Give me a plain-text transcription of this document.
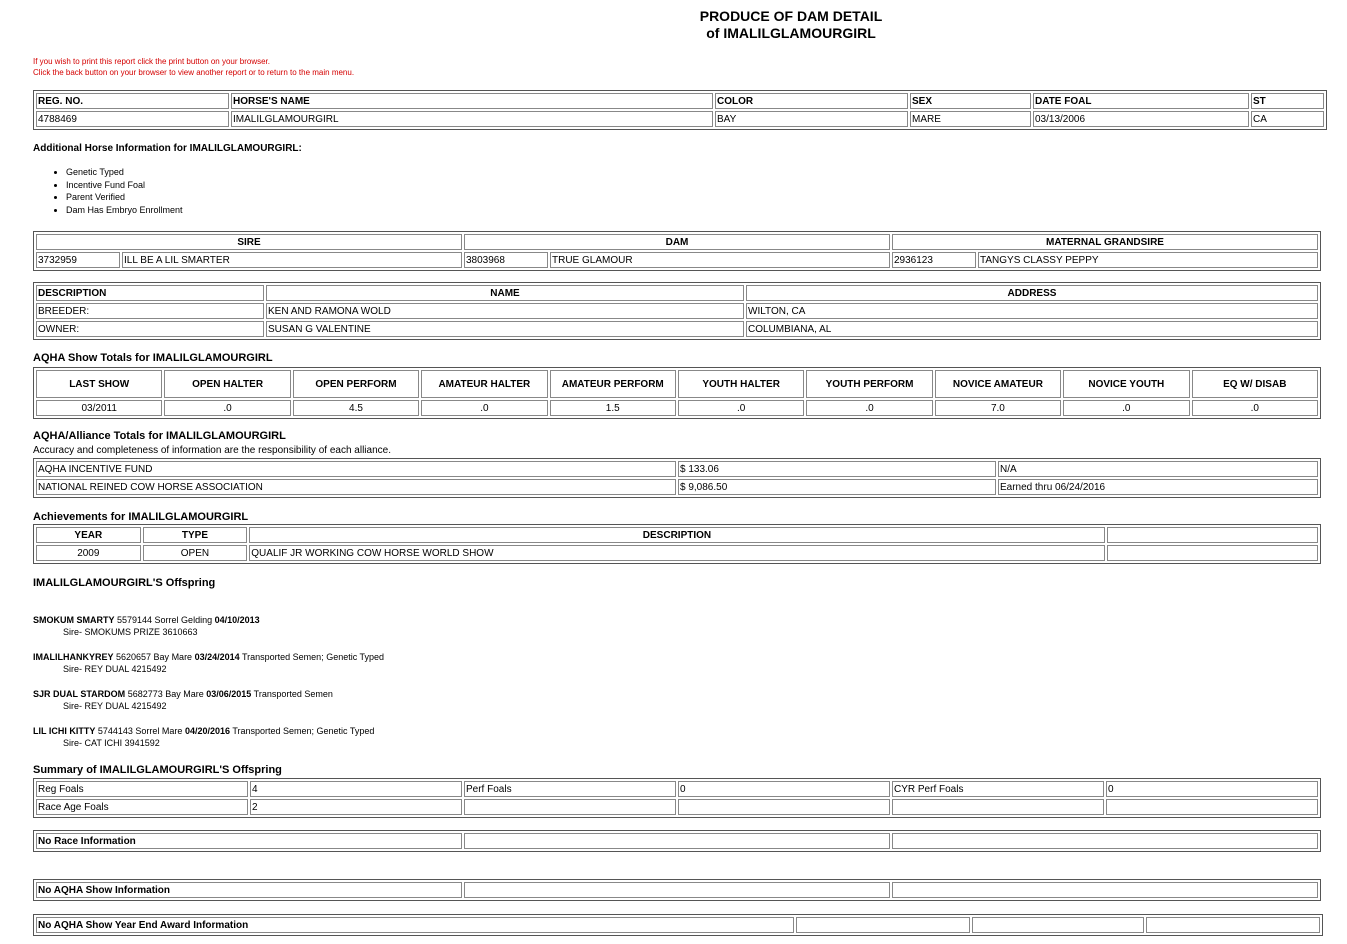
PRODUCE OF DAM DETAIL
of IMALILGLAMOURGIRL
If you wish to print this report click the print button on your browser.
Click the back button on your browser to view another report or to return to the main menu.
REG. NO.	HORSE'S NAME	COLOR	SEX	DATE FOAL	ST
4788469	IMALILGLAMOURGIRL	BAY	MARE	03/13/2006	CA
Additional Horse Information for IMALILGLAMOURGIRL:
• Genetic Typed
• Incentive Fund Foal
• Parent Verified
• Dam Has Embryo Enrollment
SIRE		DAM		MATERNAL GRANDSIRE	
3732959	ILL BE A LIL SMARTER	3803968	TRUE GLAMOUR	2936123	TANGYS CLASSY PEPPY
DESCRIPTION	NAME	ADDRESS
BREEDER:	KEN AND RAMONA WOLD	WILTON, CA
OWNER:	SUSAN G VALENTINE	COLUMBIANA, AL
AQHA Show Totals for IMALILGLAMOURGIRL
LAST SHOW	OPEN HALTER	OPEN PERFORM	AMATEUR HALTER	AMATEUR PERFORM	YOUTH HALTER	YOUTH PERFORM	NOVICE AMATEUR	NOVICE YOUTH	EQ W/ DISAB
03/2011	.0	4.5	.0	1.5	.0	.0	7.0	.0	.0
AQHA/Alliance Totals for IMALILGLAMOURGIRL
Accuracy and completeness of information are the responsibility of each alliance.
AQHA INCENTIVE FUND	$ 133.06	N/A
NATIONAL REINED COW HORSE ASSOCIATION	$ 9,086.50	Earned thru 06/24/2016
Achievements for IMALILGLAMOURGIRL
YEAR	TYPE	DESCRIPTION	
2009	OPEN	QUALIF JR WORKING COW HORSE WORLD SHOW	
IMALILGLAMOURGIRL'S Offspring
SMOKUM SMARTY 5579144 Sorrel Gelding 04/10/2013
Sire- SMOKUMS PRIZE 3610663
IMALILHANKYREY 5620657 Bay Mare 03/24/2014 Transported Semen; Genetic Typed
Sire- REY DUAL 4215492
SJR DUAL STARDOM 5682773 Bay Mare 03/06/2015 Transported Semen
Sire- REY DUAL 4215492
LIL ICHI KITTY 5744143 Sorrel Mare 04/20/2016 Transported Semen; Genetic Typed
Sire- CAT ICHI 3941592
Summary of IMALILGLAMOURGIRL'S Offspring
Reg Foals	4	Perf Foals	0	CYR Perf Foals	0
Race Age Foals	2				
No Race Information		
No AQHA Show Information		
No AQHA Show Year End Award Information			
